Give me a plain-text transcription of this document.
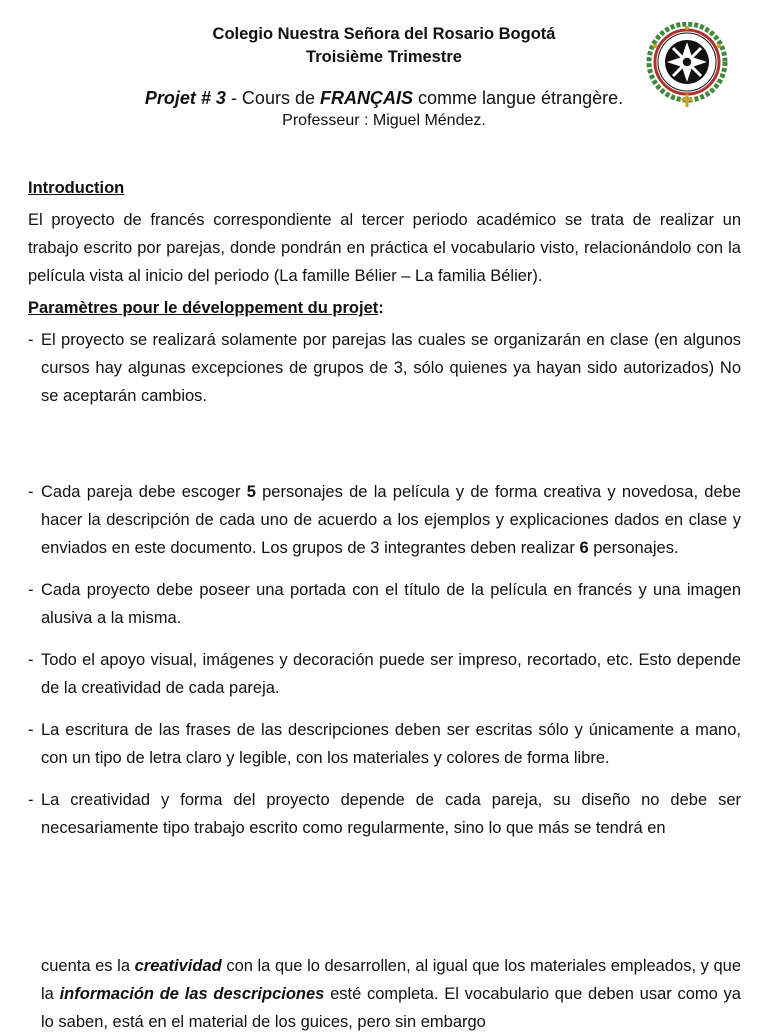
Colegio Nuestra Señora del Rosario Bogotá
Troisième Trimestre
Projet # 3 - Cours de FRANÇAIS comme langue étrangère.
Professeur : Miguel Méndez.
Introduction

El proyecto de francés correspondiente al tercer periodo académico se trata de realizar un trabajo escrito por parejas, donde pondrán en práctica el vocabulario visto, relacionándolo con la película vista al inicio del periodo (La famille Bélier – La familia Bélier).

Paramètres pour le développement du projet:
- El proyecto se realizará solamente por parejas las cuales se organizarán en clase (en algunos cursos hay algunas excepciones de grupos de 3, sólo quienes ya hayan sido autorizados) No se aceptarán cambios.
- Cada pareja debe escoger 5 personajes de la película y de forma creativa y novedosa, debe hacer la descripción de cada uno de acuerdo a los ejemplos y explicaciones dados en clase y enviados en este documento. Los grupos de 3 integrantes deben realizar 6 personajes.
- Cada proyecto debe poseer una portada con el título de la película en francés y una imagen alusiva a la misma.
- Todo el apoyo visual, imágenes y decoración puede ser impreso, recortado, etc. Esto depende de la creatividad de cada pareja.
- La escritura de las frases de las descripciones deben ser escritas sólo y únicamente a mano, con un tipo de letra claro y legible, con los materiales y colores de forma libre.
- La creatividad y forma del proyecto depende de cada pareja, su diseño no debe ser necesariamente tipo trabajo escrito como regularmente, sino lo que más se tendrá en
cuenta es la creatividad con la que lo desarrollen, al igual que los materiales empleados, y que la información de las descripciones esté completa. El vocabulario que deben usar como ya lo saben, está en el material de los guices, pero sin embargo
